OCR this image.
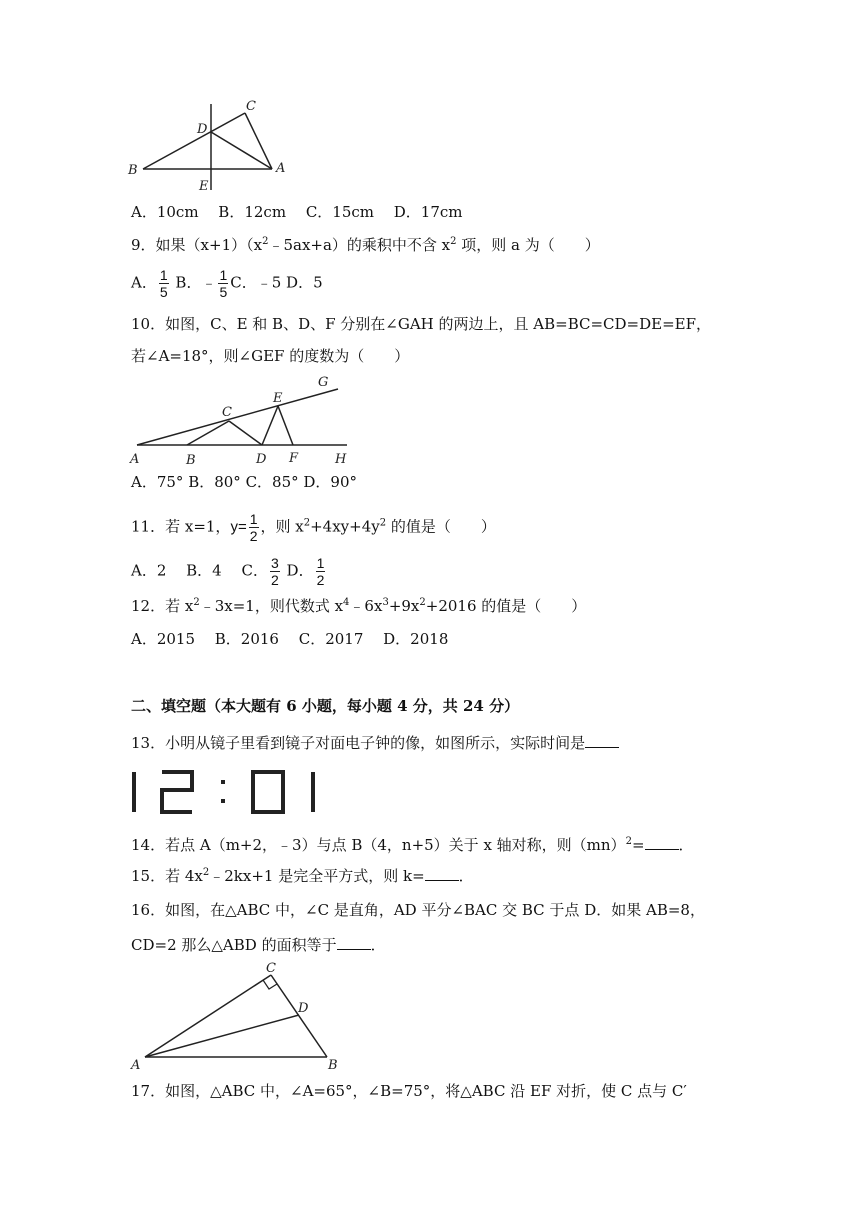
B
C
D
A
E
A．10cm　 B．12cm　 C．15cm　 D．17cm
9．如果$(x+1)(x^2﹣5ax+a)$的乘积中不含 $x^2$ 项，则 a 为（　　）
A． $\frac{1}{5}$ B．﹣ $\frac{1}{5}$ C．﹣5 D．5
10．如图，C、E 和 B、D、F 分别在∠GAH 的两边上，且 AB=BC=CD=DE=EF，
若∠A=18°，则∠GEF 的度数为（　　）
G
C
E
A	B	D F	H
A．75° B．80° C．85° D．90°
11．若 x=1，$y= \frac{1}{2}$ ，则 $x^2+4xy+4y^2$ 的值是（　　）
A．2　 B．4　 C． $\frac{3}{2}$ D． $\frac{1}{2}$
12．若 $x^2﹣3x=1$，则代数式 $x^4﹣6x^3+9x^2+2016$ 的值是（　　）
A．2015　 B．2016　 C．2017　 D．2018
二、填空题（本大题有 6 小题，每小题 4 分，共 24 分）
13．小明从镜子里看到镜子对面电子钟的像，如图所示，实际时间是
14．若点 A（m+2，﹣3）与点 B（4，n+5）关于 x 轴对称，则（mn）$^2$= ．
15．若 $4x^2﹣2kx+1$ 是完全平方式，则 k= ．
16．如图，在△ABC 中，∠C 是直角，AD 平分∠BAC 交 BC 于点 D．如果 AB=8，
CD=2 那么△ABD 的面积等于 ．
C
D
A	B
17．如图，△ABC 中，∠A=65°，∠B=75°，将△ABC 沿 EF 对折，使 C 点与 C′
